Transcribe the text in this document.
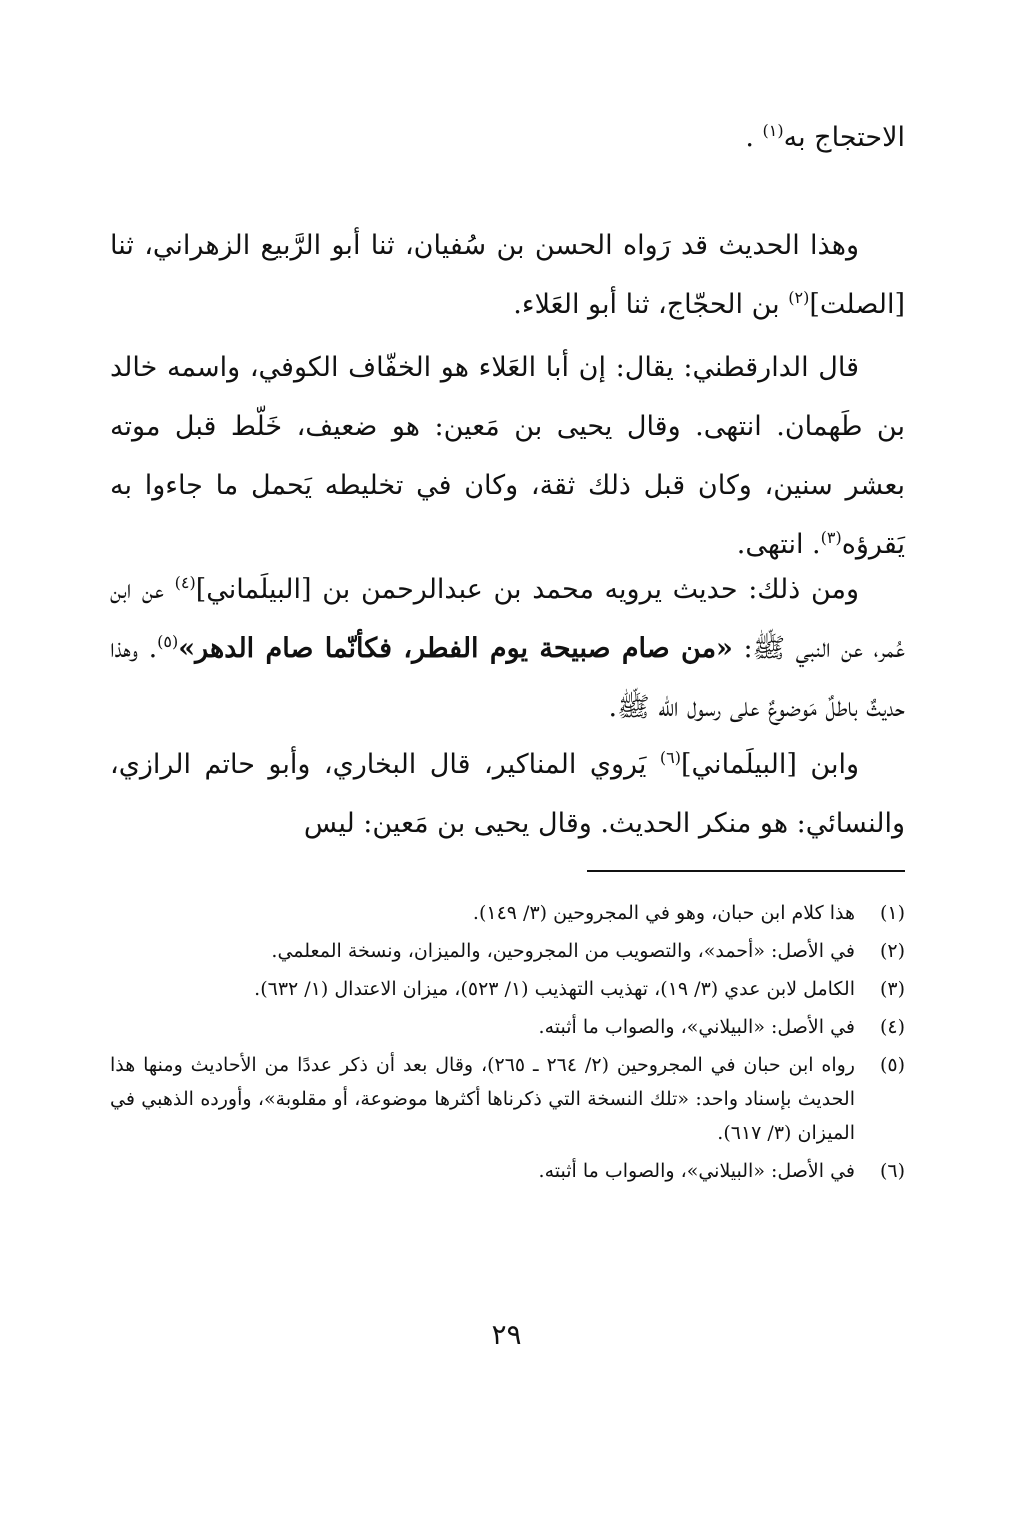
الاحتجاج به$^{(١)}$ .

وهذا الحديث قد رَواه الحسن بن سُفيان، ثنا أبو الرَّبيع الزهراني، ثنا [الصلت]$^{(٢)}$ بن الحجّاج، ثنا أبو العَلاء.

قال الدارقطني: يقال: إن أبا العَلاء هو الخفّاف الكوفي، واسمه خالد بن طَهمان. انتهى. وقال يحيى بن مَعين: هو ضعيف، خَلّط قبل موته بعشر سنين، وكان قبل ذلك ثقة، وكان في تخليطه يَحمل ما جاءوا به يَقرؤه$^{(٣)}$. انتهى.

ومن ذلك: حديث يرويه محمد بن عبدالرحمن بن [البيلَماني]$^{(٤)}$ عن ابن عُمر، عن النبي ﷺ: «من صام صبيحة يوم الفطر، فكأنّما صام الدهر»$^{(٥)}$. وهذا حديثٌ باطلٌ مَوضوعٌ على رسول الله ﷺ.

وابن [البيلَماني]$^{(٦)}$ يَروي المناكير، قال البخاري، وأبو حاتم الرازي، والنسائي: هو منكر الحديث. وقال يحيى بن مَعين: ليس

(١)
هذا كلام ابن حبان، وهو في المجروحين (٣/ ١٤٩).
(٢)
في الأصل: «أحمد»، والتصويب من المجروحين، والميزان، ونسخة المعلمي.
(٣)
الكامل لابن عدي (٣/ ١٩)، تهذيب التهذيب (١/ ٥٢٣)، ميزان الاعتدال (١/ ٦٣٢).
(٤)
في الأصل: «البيلاني»، والصواب ما أثبته.
(٥)
رواه ابن حبان في المجروحين (٢/ ٢٦٤ ـ ٢٦٥)، وقال بعد أن ذكر عددًا من الأحاديث ومنها هذا الحديث بإسناد واحد: «تلك النسخة التي ذكرناها أكثرها موضوعة، أو مقلوبة»، وأورده الذهبي في الميزان (٣/ ٦١٧).
(٦)
في الأصل: «البيلاني»، والصواب ما أثبته.
٢٩
